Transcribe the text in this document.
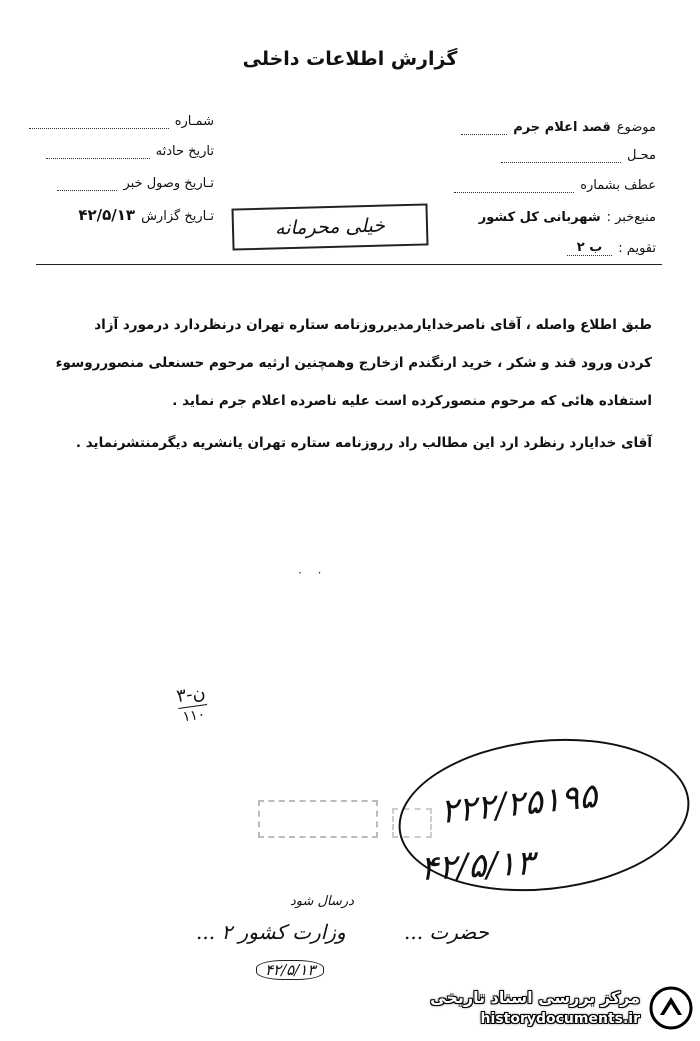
گزارش اطلاعات داخلی
موضوع
قصد اعلام جرم
محـل
عطف بشماره
منبع‌خبر :
شهربانی کل کشور
تقویم :
ب ۲
شمـاره
تاریخ حادثه
تـاریخ وصول خبر
تـاریخ گزارش
۴۲/۵/۱۳	خیلی محرمانه

طبق اطلاع واصله ، آقای ناصرخدایارمدیرروزنامه ستاره تهران درنظردارد درمورد آزاد

کردن ورود قند و شکر ، خرید ارنگندم ازخارج وهمچنین ارثیه مرحوم حسنعلی منصورروسوء

استفاده هائی که مرحوم منصورکرده است علیه ناصرده اعلام جرم نماید .

آقای خدایارد رنظرد ارد این مطالب راد رروزنامه ستاره تهران یانشریه دیگرمنتشرنماید .

· ·
۳-ن
۱۱۰
۲۲۲/۲۵۱۹۵
۴۲/۵/۱۳
درسال شود
وزارت کشور ۲ ...	حضرت ...
۴۲/۵/۱۳
مرکز بررسی اسناد تاریخی
historydocuments.ir
